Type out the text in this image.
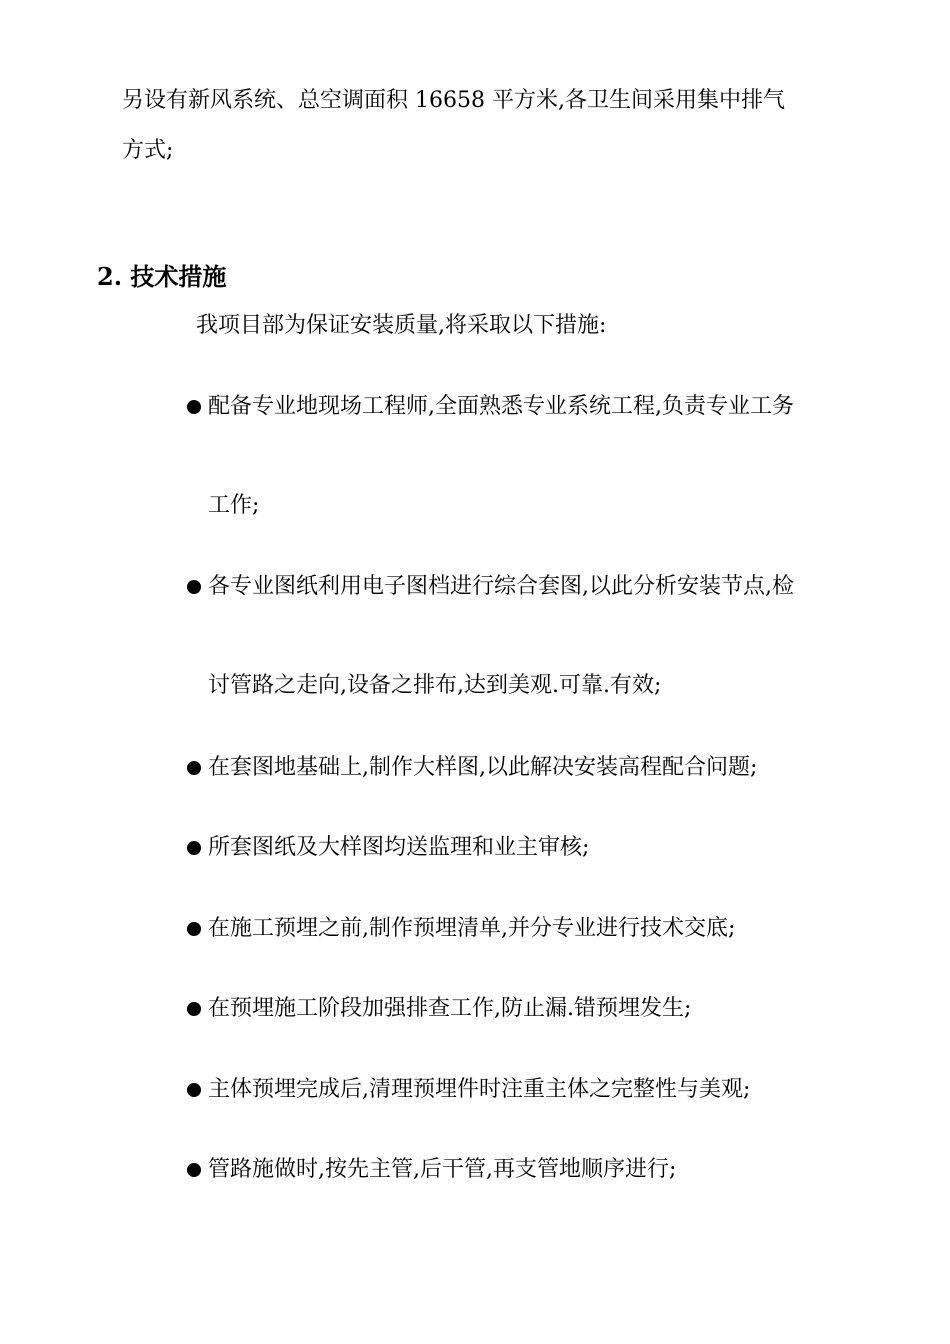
另设有新风系统、总空调面积 16658 平方米,各卫生间采用集中排气
方式;
2. 技术措施
我项目部为保证安装质量,将采取以下措施:
配备专业地现场工程师,全面熟悉专业系统工程,负责专业工务
工作;
各专业图纸利用电子图档进行综合套图,以此分析安装节点,检
讨管路之走向,设备之排布,达到美观.可靠.有效;
在套图地基础上,制作大样图,以此解决安装高程配合问题;
所套图纸及大样图均送监理和业主审核;
在施工预埋之前,制作预埋清单,并分专业进行技术交底;
在预埋施工阶段加强排查工作,防止漏.错预埋发生;
主体预埋完成后,清理预埋件时注重主体之完整性与美观;
管路施做时,按先主管,后干管,再支管地顺序进行;
